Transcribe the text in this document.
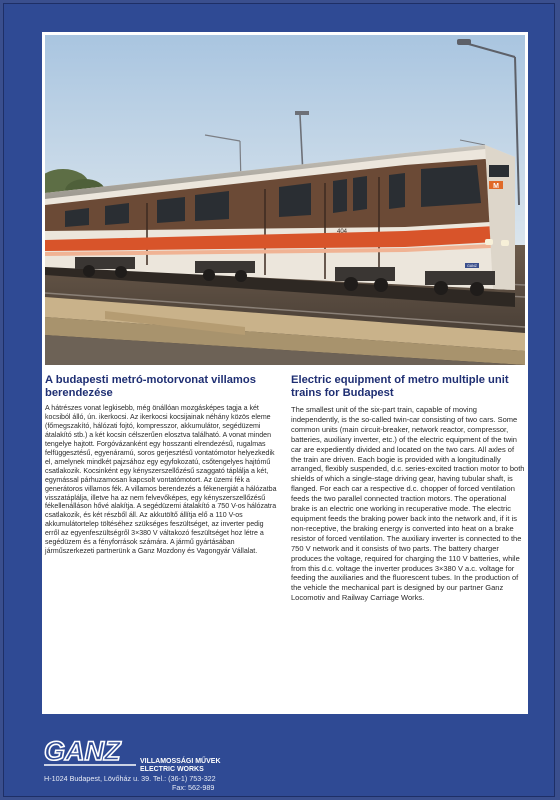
M
404
GANZ
A budapesti metró-motorvonat villamos berendezése

A hátrészes vonat legkisebb, még önállóan mozgásképes tagja a két kocsiból álló, ún. ikerkocsi. Az ikerkocsi kocsijainak néhány közös eleme (főmegszakító, hálózati fojtó, kompresszor, akkumulátor, segédüzemi átalakító stb.) a két kocsin célszerűen elosztva található. A vonat minden tengelye hajtott. Forgóvázanként egy hosszanti elrendezésű, rugalmas felfüggesztésű, egyenáramú, soros gerjesztésű vontatómotor helyezkedik el, amelynek mindkét pajzsához egy egyfokozatú, csőtengelyes hajtómű csatlakozik. Kocsinként egy kényszerszellőzésű szaggató táplálja a két, egymással párhuzamosan kapcsolt vontatómotort. Az üzemi fék a generátoros villamos fék. A villamos berendezés a fékenergiát a hálózatba visszatáplálja, illetve ha az nem felvevőképes, egy kényszerszellőzésű fékellenálláson hővé alakítja. A segédüzemi átalakító a 750 V-os hálózatra csatlakozik, és két részből áll. Az akkutöltő állítja elő a 110 V-os akkumulátortelep töltéséhez szükséges feszültséget, az inverter pedig erről az egyenfeszültségről 3×380 V váltakozó feszültséget hoz létre a segédüzem és a fényforrások számára. A jármű gyártásában járműszerkezeti partnerünk a Ganz Mozdony és Vagongyár Vállalat.

Electric equipment of metro multiple unit trains for Budapest

The smallest unit of the six-part train, capable of moving independently, is the so-called twin-car consisting of two cars. Some common units (main circuit-breaker, network reactor, compressor, batteries, auxiliary inverter, etc.) of the electric equipment of the twin car are expediently divided and located on the two cars. All axles of the train are driven. Each bogie is provided with a longitudinally arranged, flexibly suspended, d.c. series-excited traction motor to both shields of which a single-stage driving gear, having tubular shaft, is flanged. For each car a respective d.c. chopper of forced ventilation feeds the two parallel connected traction motors. The operational brake is an electric one working in recuperative mode. The electric equipment feeds the braking power back into the network and, if it is non-receptive, the braking energy is converted into heat on a brake resistor of forced ventilation. The auxiliary inverter is connected to the 750 V network and it consists of two parts. The battery charger produces the voltage, required for charging the 110 V batteries, while from this d.c. voltage the inverter produces 3×380 V a.c. voltage for feeding the auxiliaries and the fluorescent tubes. In the production of the vehicle the mechanical part is designed by our partner Ganz Locomotiv and Railway Carriage Works.

GANZ	VILLAMOSSÁGI MŰVEK
ELECTRIC WORKS
H-1024 Budapest, Lövőház u. 39. Tel.: (36-1) 753-322
Fax: 562-989
